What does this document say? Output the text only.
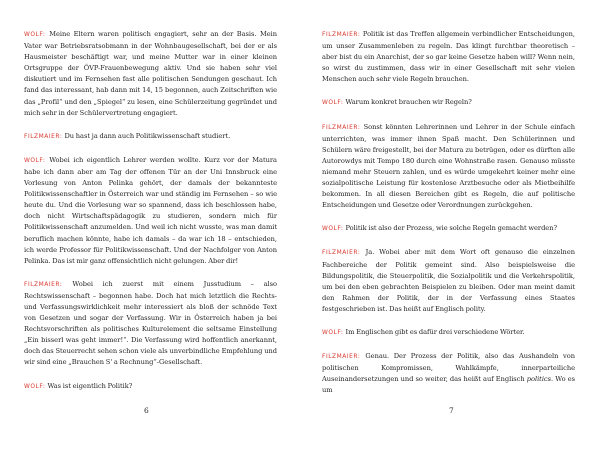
WOLF: Meine Eltern waren politisch engagiert, sehr an der Basis. Mein Vater war Betriebsratsobmann in der Wohnbaugesellschaft, bei der er als Hausmeister beschäftigt war, und meine Mutter war in einer kleinen Ortsgruppe der ÖVP-Frauenbewegung aktiv. Und sie haben sehr viel diskutiert und im Fernsehen fast alle politischen Sendungen geschaut. Ich fand das interessant, hab dann mit 14, 15 begonnen, auch Zeitschriften wie das „Profil“ und den „Spiegel“ zu lesen, eine Schülerzeitung gegründet und mich sehr in der Schülervertretung engagiert.

FILZMAIER: Du hast ja dann auch Politikwissenschaft studiert.

WOLF: Wobei ich eigentlich Lehrer werden wollte. Kurz vor der Matura habe ich dann aber am Tag der offenen Tür an der Uni Innsbruck eine Vorlesung von Anton Pelinka gehört, der damals der bekannteste Politikwissenschaftler in Österreich war und ständig im Fernsehen – so wie heute du. Und die Vorlesung war so spannend, dass ich beschlossen habe, doch nicht Wirtschaftspädagogik zu studieren, sondern mich für Politikwissenschaft anzumelden. Und weil ich nicht wusste, was man damit beruflich machen könnte, habe ich damals – da war ich 18 – entschieden, ich werde Professor für Politikwissenschaft. Und der Nachfolger von Anton Pelinka. Das ist mir ganz offensichtlich nicht gelungen. Aber dir!

FILZMAIER: Wobei ich zuerst mit einem Jusstudium – also Rechtswissenschaft – begonnen habe. Doch hat mich letztlich die Rechts- und Verfassungswirklichkeit mehr interessiert als bloß der schnöde Text von Gesetzen und sogar der Verfassung. Wir in Österreich haben ja bei Rechtsvorschriften als politisches Kulturelement die seltsame Einstellung „Ein bisserl was geht immer!“. Die Verfassung wird hoffentlich anerkannt, doch das Steuerrecht sehen schon viele als unverbindliche Empfehlung und wir sind eine „Brauchen S' a Rechnung“-Gesellschaft.

WOLF: Was ist eigentlich Politik?

6

FILZMAIER: Politik ist das Treffen allgemein verbindlicher Entscheidungen, um unser Zusammenleben zu regeln. Das klingt furchtbar theoretisch – aber bist du ein Anarchist, der so gar keine Gesetze haben will? Wenn nein, so wirst du zustimmen, dass wir in einer Gesellschaft mit sehr vielen Menschen auch sehr viele Regeln brauchen.

WOLF: Warum konkret brauchen wir Regeln?

FILZMAIER: Sonst könnten Lehrerinnen und Lehrer in der Schule einfach unterrichten, was immer ihnen Spaß macht. Den Schülerinnen und Schülern wäre freigestellt, bei der Matura zu betrügen, oder es dürften alle Autorowdys mit Tempo 180 durch eine Wohnstraße rasen. Genauso müsste niemand mehr Steuern zahlen, und es würde umgekehrt keiner mehr eine sozialpolitische Leistung für kostenlose Arztbesuche oder als Mietbeihilfe bekommen. In all diesen Bereichen gibt es Regeln, die auf politische Entscheidungen und Gesetze oder Verordnungen zurückgehen.

WOLF: Politik ist also der Prozess, wie solche Regeln gemacht werden?

FILZMAIER: Ja. Wobei aber mit dem Wort oft genauso die einzelnen Fachbereiche der Politik gemeint sind. Also beispielsweise die Bildungspolitik, die Steuerpolitik, die Sozialpolitik und die Verkehrspolitik, um bei den eben gebrachten Beispielen zu bleiben. Oder man meint damit den Rahmen der Politik, der in der Verfassung eines Staates festgeschrieben ist. Das heißt auf Englisch polity.

WOLF: Im Englischen gibt es dafür drei verschiedene Wörter.

FILZMAIER: Genau. Der Prozess der Politik, also das Aushandeln von politischen Kompromissen, Wahlkämpfe, innerparteiliche Auseinandersetzungen und so weiter, das heißt auf Englisch politics. Wo es um

7
